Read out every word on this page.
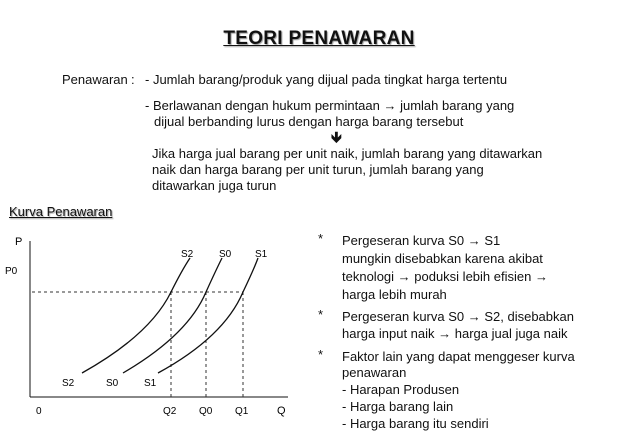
TEORI PENAWARAN
Penawaran : - Jumlah barang/produk yang dijual pada tingkat harga tertentu
- Berlawanan dengan hukum permintaan → jumlah barang yang
dijual berbanding lurus dengan harga barang tersebut
🡻
Jika harga jual barang per unit naik, jumlah barang yang ditawarkan
naik dan harga barang per unit turun, jumlah barang yang
ditawarkan juga turun
Kurva Penawaran
P
P0
0	Q
Q2 Q0 Q1
S2	S0 S1
S2	S0	S1
* Pergeseran kurva S0 → S1
mungkin disebabkan karena akibat
teknologi → poduksi lebih efisien →
harga lebih murah
* Pergeseran kurva S0 → S2, disebabkan
harga input naik → harga jual juga naik
* Faktor lain yang dapat menggeser kurva
penawaran
- Harapan Produsen
- Harga barang lain
- Harga barang itu sendiri
